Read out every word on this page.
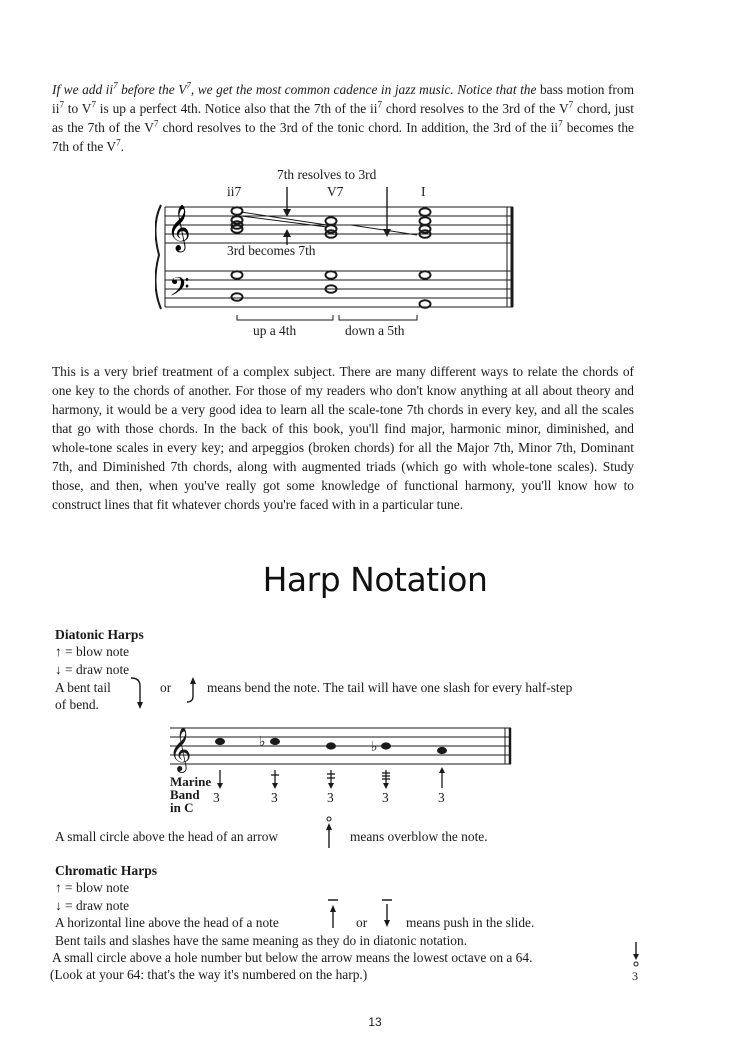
If we add $ii^7$ before the $V^7$, we get the most common cadence in jazz music. Notice that the bass motion from $ii^7$ to $V^7$ is up a perfect 4th. Notice also that the 7th of the $ii^7$ chord resolves to the 3rd of the $V^7$ chord, just as the 7th of the $V^7$ chord resolves to the 3rd of the tonic chord. In addition, the 3rd of the $ii^7$ becomes the 7th of the $V^7$.

𝄞
𝄢
7th resolves to 3rd
ii7	V7	I
3rd becomes 7th
up a 4th	down a 5th

This is a very brief treatment of a complex subject. There are many different ways to relate the chords of one key to the chords of another. For those of my readers who don't know anything at all about theory and harmony, it would be a very good idea to learn all the scale-tone 7th chords in every key, and all the scales that go with those chords. In the back of this book, you'll find major, harmonic minor, diminished, and whole-tone scales in every key; and arpeggios (broken chords) for all the Major 7th, Minor 7th, Dominant 7th, and Diminished 7th chords, along with augmented triads (which go with whole-tone scales). Study those, and then, when you've really got some knowledge of functional harmony, you'll know how to construct lines that fit whatever chords you're faced with in a particular tune.

Harp Notation
Diatonic Harps
↑ = blow note
↓ = draw note
A bent tail	or	means bend the note. The tail will have one slash for every half-step
of bend.
𝄞	♭	♭
3	3	3	3	3
Marine
Band
in C
A small circle above the head of an arrow	means overblow the note.
Chromatic Harps
↑ = blow note
↓ = draw note
A horizontal line above the head of a note	or	means push in the slide.
Bent tails and slashes have the same meaning as they do in diatonic notation.
A small circle above a hole number but below the arrow means the lowest octave on a 64.
(Look at your 64: that's the way it's numbered on the harp.)	3
13
